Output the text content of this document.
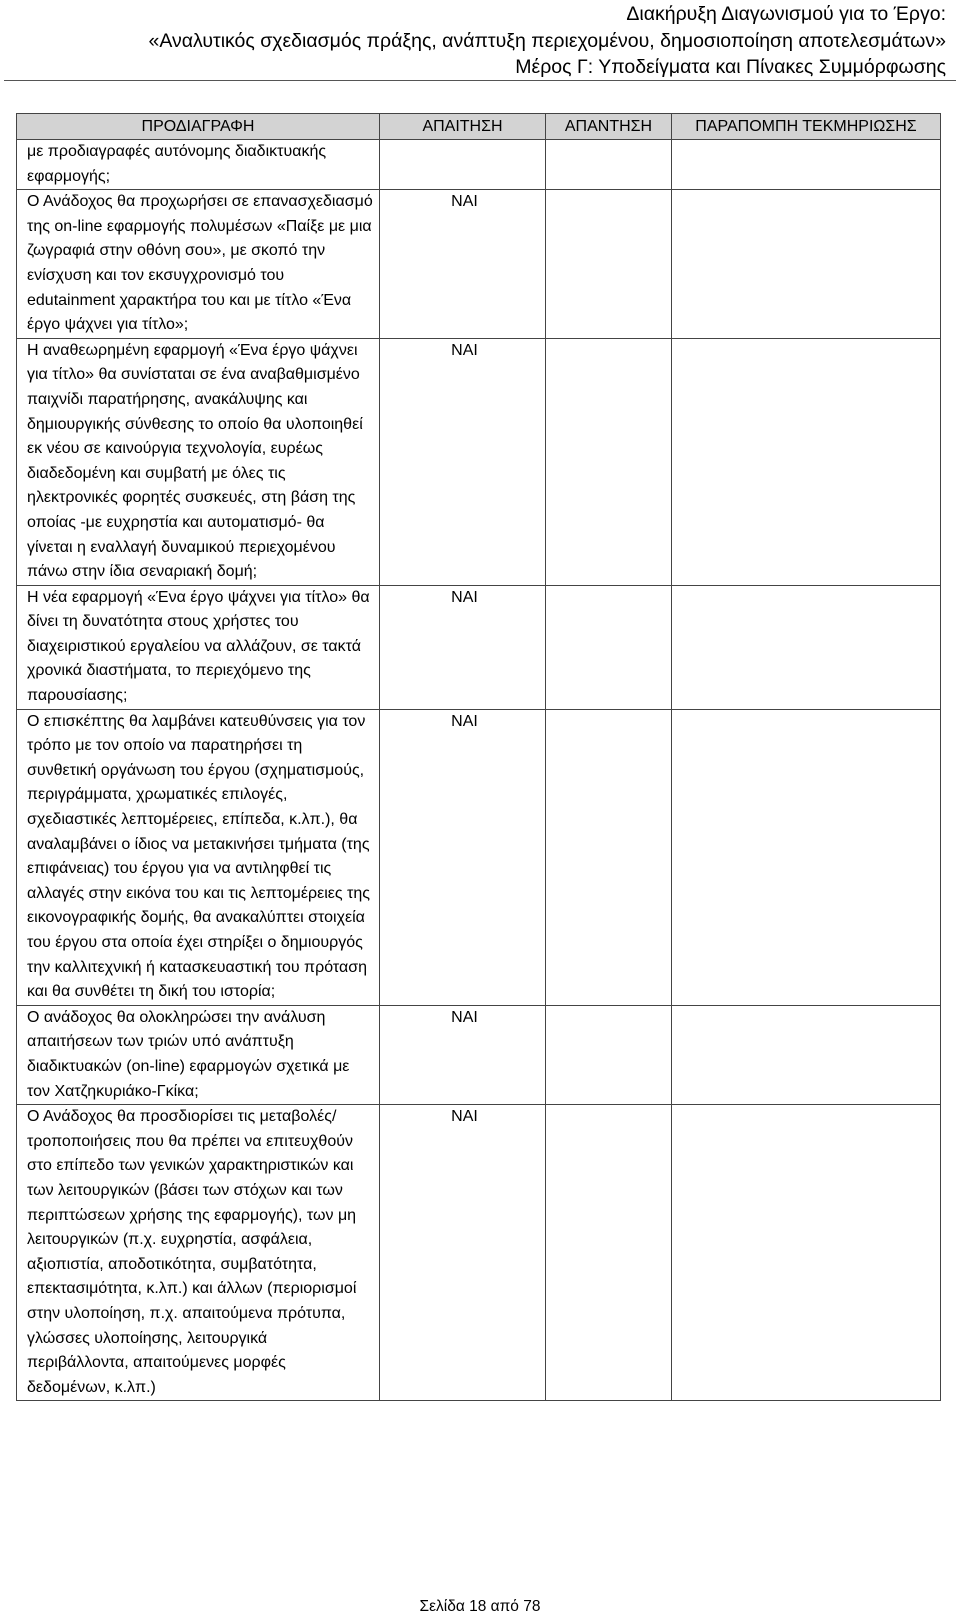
Διακήρυξη Διαγωνισμού για το Έργο:
«Αναλυτικός σχεδιασμός πράξης, ανάπτυξη περιεχομένου, δημοσιοποίηση αποτελεσμάτων»
Μέρος Γ: Υποδείγματα και Πίνακες Συμμόρφωσης
ΠΡΟΔΙΑΓΡΑΦΗ	ΑΠΑΙΤΗΣΗ	ΑΠΑΝΤΗΣΗ	ΠΑΡΑΠΟΜΠΗ ΤΕΚΜΗΡΙΩΣΗΣ
με προδιαγραφές αυτόνομης διαδικτυακής εφαρμογής;			
Ο Ανάδοχος θα προχωρήσει σε επανασχεδιασμό της on-line εφαρμογής πολυμέσων «Παίξε με μια ζωγραφιά στην οθόνη σου», με σκοπό την ενίσχυση και τον εκσυγχρονισμό του edutainment χαρακτήρα του και με τίτλο «Ένα έργο ψάχνει για τίτλο»;	ΝΑΙ		
Η αναθεωρημένη εφαρμογή «Ένα έργο ψάχνει για τίτλο» θα συνίσταται σε ένα αναβαθμισμένο παιχνίδι παρατήρησης, ανακάλυψης και δημιουργικής σύνθεσης το οποίο θα υλοποιηθεί εκ νέου σε καινούργια τεχνολογία, ευρέως διαδεδομένη και συμβατή με όλες τις ηλεκτρονικές φορητές συσκευές, στη βάση της οποίας -με ευχρηστία και αυτοματισμό- θα γίνεται η εναλλαγή δυναμικού περιεχομένου πάνω στην ίδια σεναριακή δομή;	ΝΑΙ		
Η νέα εφαρμογή «Ένα έργο ψάχνει για τίτλο» θα δίνει τη δυνατότητα στους χρήστες του διαχειριστικού εργαλείου να αλλάζουν, σε τακτά χρονικά διαστήματα, το περιεχόμενο της παρουσίασης;	ΝΑΙ		
Ο επισκέπτης θα λαμβάνει κατευθύνσεις για τον τρόπο με τον οποίο να παρατηρήσει τη συνθετική οργάνωση του έργου (σχηματισμούς, περιγράμματα, χρωματικές επιλογές, σχεδιαστικές λεπτομέρειες, επίπεδα, κ.λπ.), θα αναλαμβάνει ο ίδιος να μετακινήσει τμήματα (της επιφάνειας) του έργου για να αντιληφθεί τις αλλαγές στην εικόνα του και τις λεπτομέρειες της εικονογραφικής δομής, θα ανακαλύπτει στοιχεία του έργου στα οποία έχει στηρίξει ο δημιουργός την καλλιτεχνική ή κατασκευαστική του πρόταση και θα συνθέτει τη δική του ιστορία;	ΝΑΙ		
Ο ανάδοχος θα ολοκληρώσει την ανάλυση απαιτήσεων των τριών υπό ανάπτυξη διαδικτυακών (on-line) εφαρμογών σχετικά με τον Χατζηκυριάκο-Γκίκα;	ΝΑΙ		
Ο Ανάδοχος θα προσδιορίσει τις μεταβολές/τροποποιήσεις που θα πρέπει να επιτευχθούν στο επίπεδο των γενικών χαρακτηριστικών και των λειτουργικών (βάσει των στόχων και των περιπτώσεων χρήσης της εφαρμογής), των μη λειτουργικών (π.χ. ευχρηστία, ασφάλεια, αξιοπιστία, αποδοτικότητα, συμβατότητα, επεκτασιμότητα, κ.λπ.) και άλλων (περιορισμοί στην υλοποίηση, π.χ. απαιτούμενα πρότυπα, γλώσσες υλοποίησης, λειτουργικά περιβάλλοντα, απαιτούμενες μορφές δεδομένων, κ.λπ.)	ΝΑΙ		
Σελίδα 18 από 78
